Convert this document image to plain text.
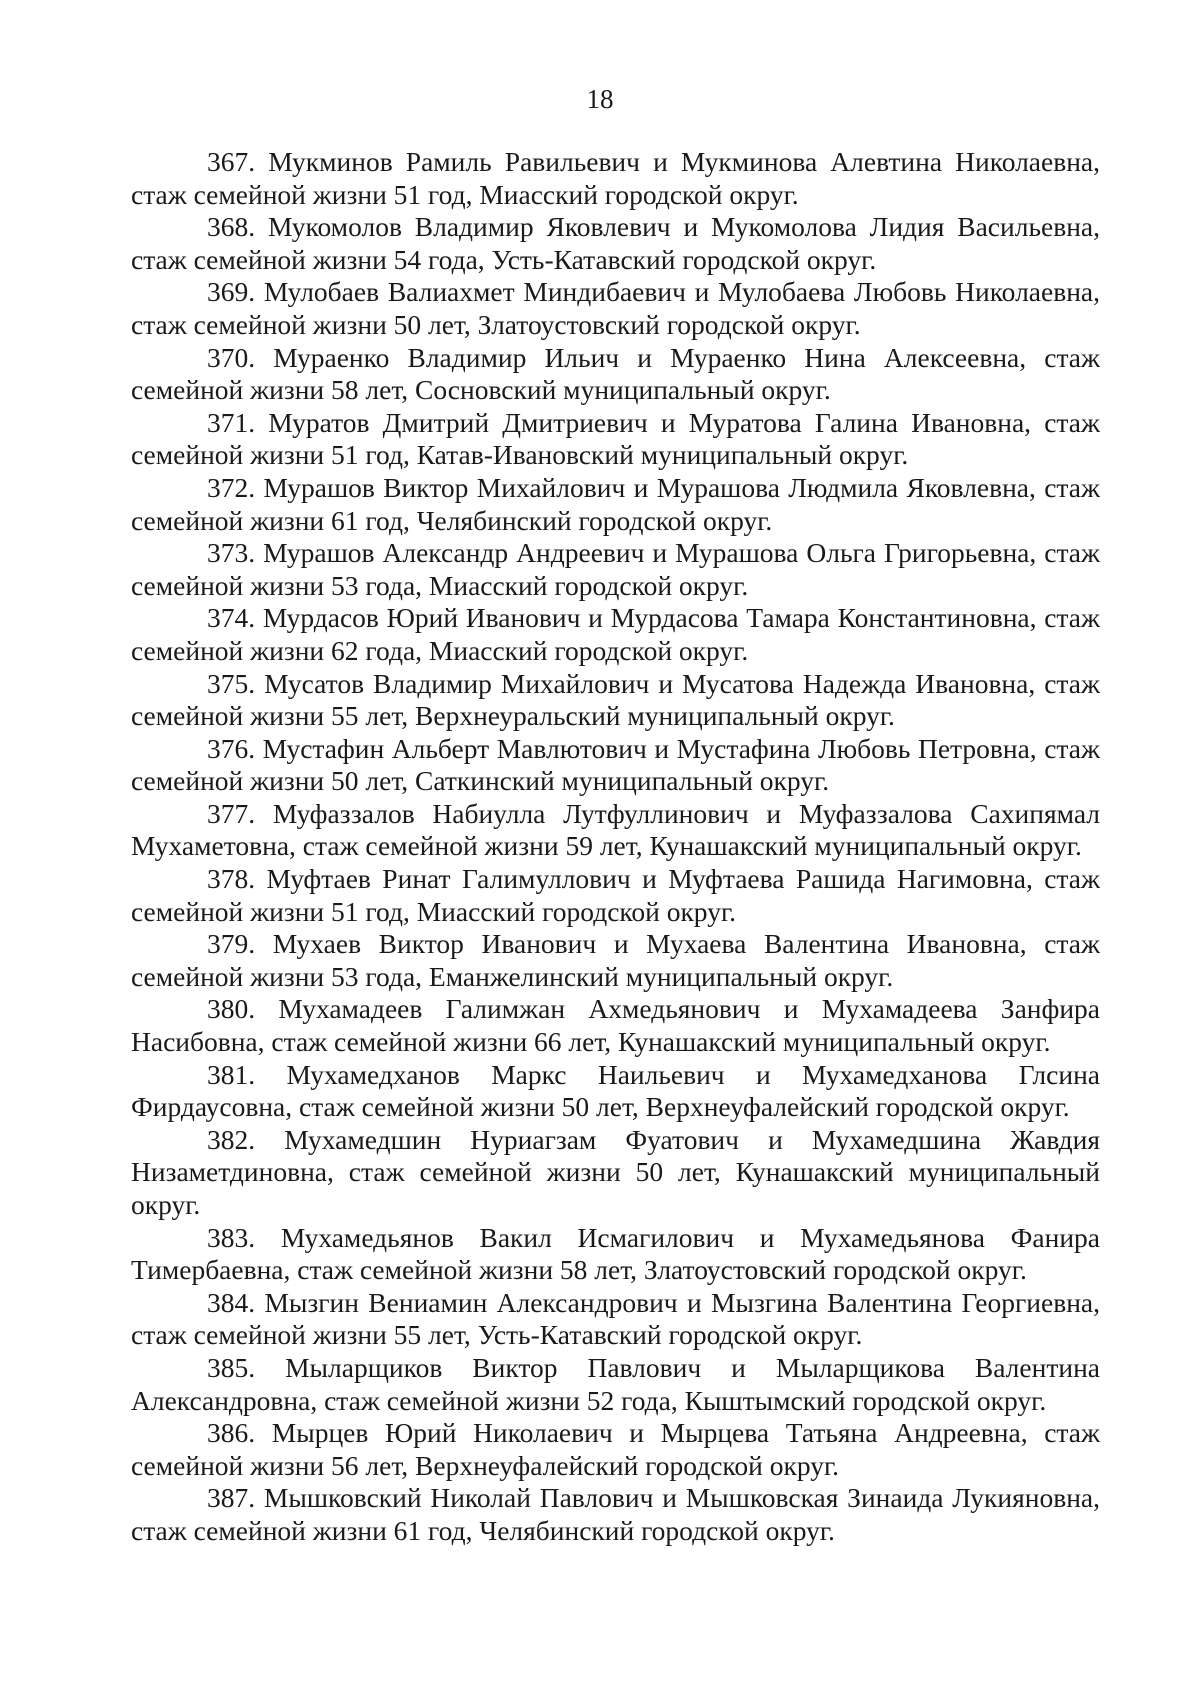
18

367. Мукминов Рамиль Равильевич и Мукминова Алевтина Николаевна, стаж семейной жизни 51 год, Миасский городской округ.

368. Мукомолов Владимир Яковлевич и Мукомолова Лидия Васильевна, стаж семейной жизни 54 года, Усть-Катавский городской округ.

369. Мулобаев Валиахмет Миндибаевич и Мулобаева Любовь Николаевна, стаж семейной жизни 50 лет, Златоустовский городской округ.

370. Мураенко Владимир Ильич и Мураенко Нина Алексеевна, стаж семейной жизни 58 лет, Сосновский муниципальный округ.

371. Муратов Дмитрий Дмитриевич и Муратова Галина Ивановна, стаж семейной жизни 51 год, Катав-Ивановский муниципальный округ.

372. Мурашов Виктор Михайлович и Мурашова Людмила Яковлевна, стаж семейной жизни 61 год, Челябинский городской округ.

373. Мурашов Александр Андреевич и Мурашова Ольга Григорьевна, стаж семейной жизни 53 года, Миасский городской округ.

374. Мурдасов Юрий Иванович и Мурдасова Тамара Константиновна, стаж семейной жизни 62 года, Миасский городской округ.

375. Мусатов Владимир Михайлович и Мусатова Надежда Ивановна, стаж семейной жизни 55 лет, Верхнеуральский муниципальный округ.

376. Мустафин Альберт Мавлютович и Мустафина Любовь Петровна, стаж семейной жизни 50 лет, Саткинский муниципальный округ.

377. Муфаззалов Набиулла Лутфуллинович и Муфаззалова Сахипямал Мухаметовна, стаж семейной жизни 59 лет, Кунашакский муниципальный округ.

378. Муфтаев Ринат Галимуллович и Муфтаева Рашида Нагимовна, стаж семейной жизни 51 год, Миасский городской округ.

379. Мухаев Виктор Иванович и Мухаева Валентина Ивановна, стаж семейной жизни 53 года, Еманжелинский муниципальный округ.

380. Мухамадеев Галимжан Ахмедьянович и Мухамадеева Занфира Насибовна, стаж семейной жизни 66 лет, Кунашакский муниципальный округ.

381. Мухамедханов Маркс Наильевич и Мухамедханова Глсина Фирдаусовна, стаж семейной жизни 50 лет, Верхнеуфалейский городской округ.

382. Мухамедшин Нуриагзам Фуатович и Мухамедшина Жавдия Низаметдиновна, стаж семейной жизни 50 лет, Кунашакский муниципальный округ.

383. Мухамедьянов Вакил Исмагилович и Мухамедьянова Фанира Тимербаевна, стаж семейной жизни 58 лет, Златоустовский городской округ.

384. Мызгин Вениамин Александрович и Мызгина Валентина Георгиевна, стаж семейной жизни 55 лет, Усть-Катавский городской округ.

385. Мыларщиков Виктор Павлович и Мыларщикова Валентина Александровна, стаж семейной жизни 52 года, Кыштымский городской округ.

386. Мырцев Юрий Николаевич и Мырцева Татьяна Андреевна, стаж семейной жизни 56 лет, Верхнеуфалейский городской округ.

387. Мышковский Николай Павлович и Мышковская Зинаида Лукияновна, стаж семейной жизни 61 год, Челябинский городской округ.
